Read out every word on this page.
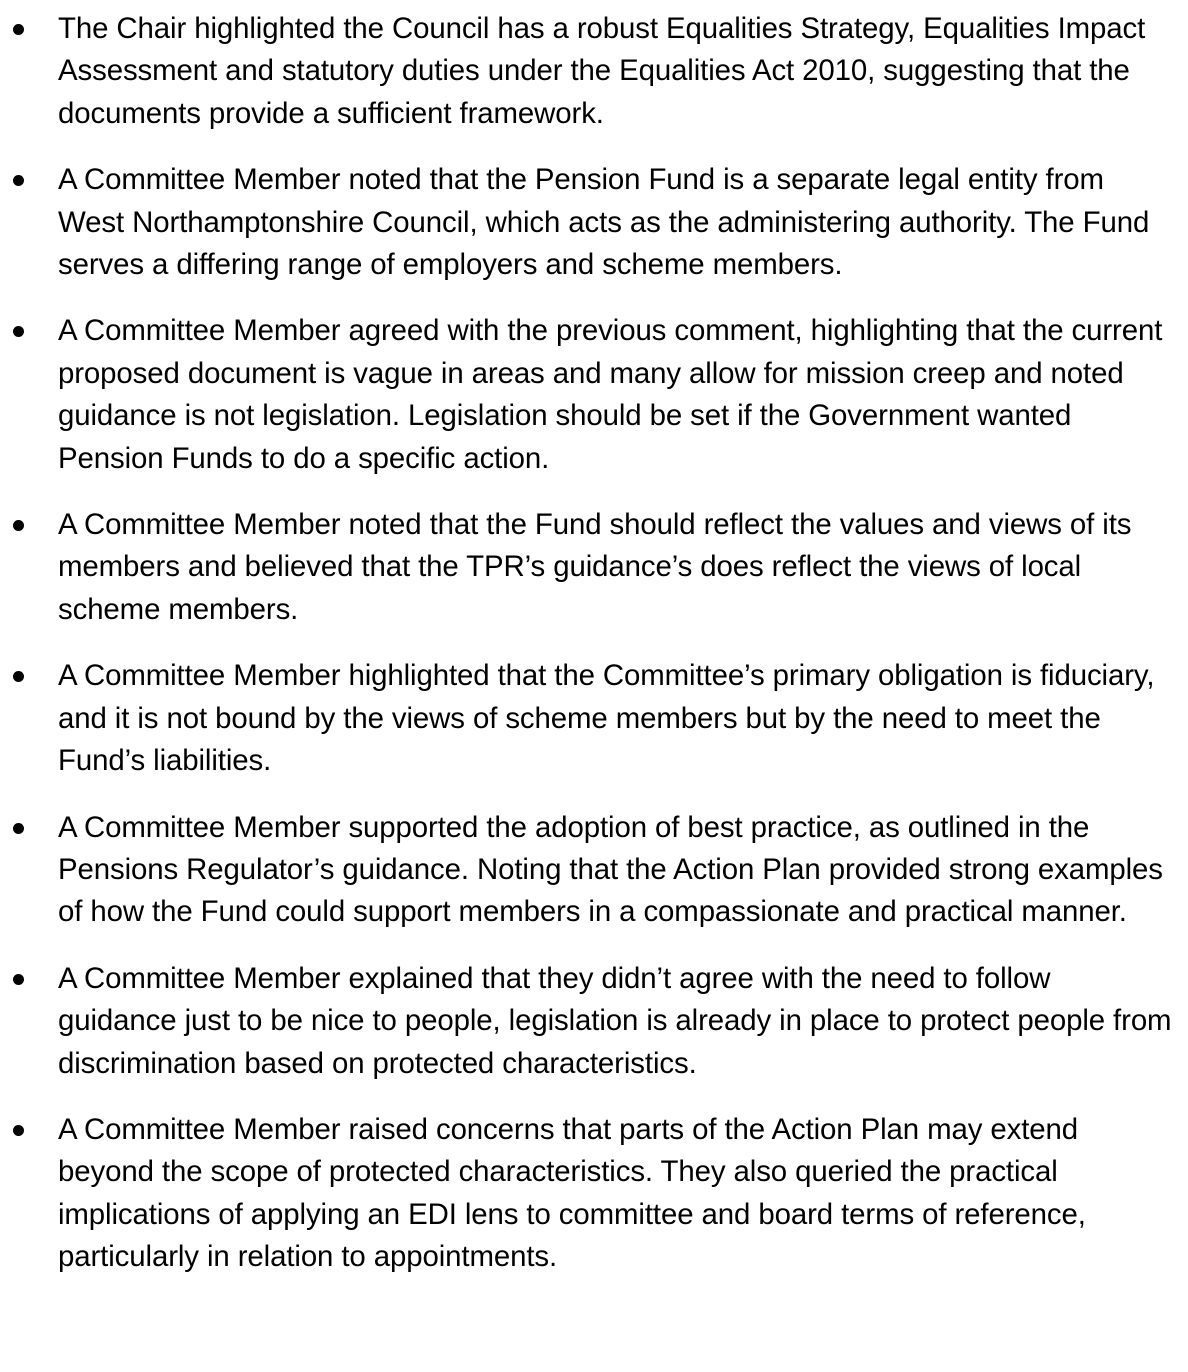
The Chair highlighted the Council has a robust Equalities Strategy, Equalities Impact Assessment and statutory duties under the Equalities Act 2010, suggesting that the documents provide a sufficient framework.
A Committee Member noted that the Pension Fund is a separate legal entity from West Northamptonshire Council, which acts as the administering authority. The Fund serves a differing range of employers and scheme members.
A Committee Member agreed with the previous comment, highlighting that the current proposed document is vague in areas and many allow for mission creep and noted guidance is not legislation. Legislation should be set if the Government wanted Pension Funds to do a specific action.
A Committee Member noted that the Fund should reflect the values and views of its members and believed that the TPR’s guidance’s does reflect the views of local scheme members.
A Committee Member highlighted that the Committee’s primary obligation is fiduciary, and it is not bound by the views of scheme members but by the need to meet the Fund’s liabilities.
A Committee Member supported the adoption of best practice, as outlined in the Pensions Regulator’s guidance. Noting that the Action Plan provided strong examples of how the Fund could support members in a compassionate and practical manner.
A Committee Member explained that they didn’t agree with the need to follow guidance just to be nice to people, legislation is already in place to protect people from discrimination based on protected characteristics.
A Committee Member raised concerns that parts of the Action Plan may extend beyond the scope of protected characteristics. They also queried the practical implications of applying an EDI lens to committee and board terms of reference, particularly in relation to appointments.
